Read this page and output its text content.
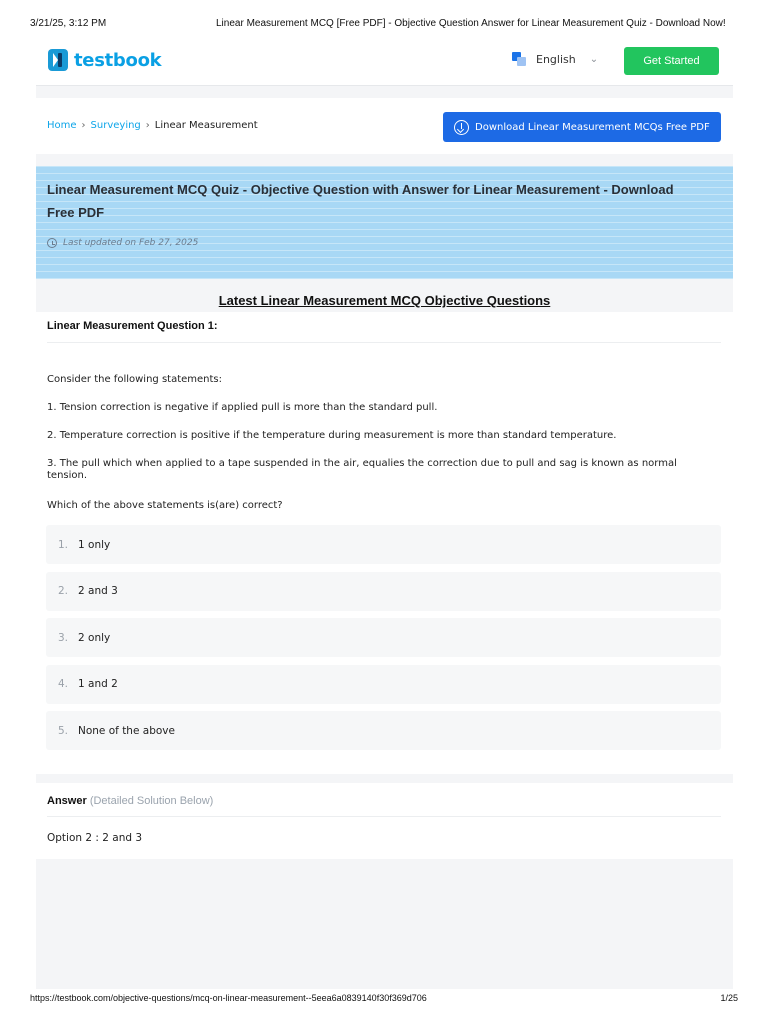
3/21/25, 3:12 PM	Linear Measurement MCQ [Free PDF] - Objective Question Answer for Linear Measurement Quiz - Download Now!
testbook	English ⌄	Get Started
Home › Surveying › Linear Measurement	Download Linear Measurement MCQs Free PDF
Linear Measurement MCQ Quiz - Objective Question with Answer for Linear Measurement - Download Free PDF
Last updated on Feb 27, 2025
Latest Linear Measurement MCQ Objective Questions
Linear Measurement Question 1:
Consider the following statements:
1. Tension correction is negative if applied pull is more than the standard pull.
2. Temperature correction is positive if the temperature during measurement is more than standard temperature.
3. The pull which when applied to a tape suspended in the air, equalies the correction due to pull and sag is known as normal tension.
Which of the above statements is(are) correct?
1. 1 only
2. 2 and 3
3. 2 only
4. 1 and 2
5. None of the above
Answer (Detailed Solution Below)
Option 2 : 2 and 3
https://testbook.com/objective-questions/mcq-on-linear-measurement--5eea6a0839140f30f369d706	1/25
